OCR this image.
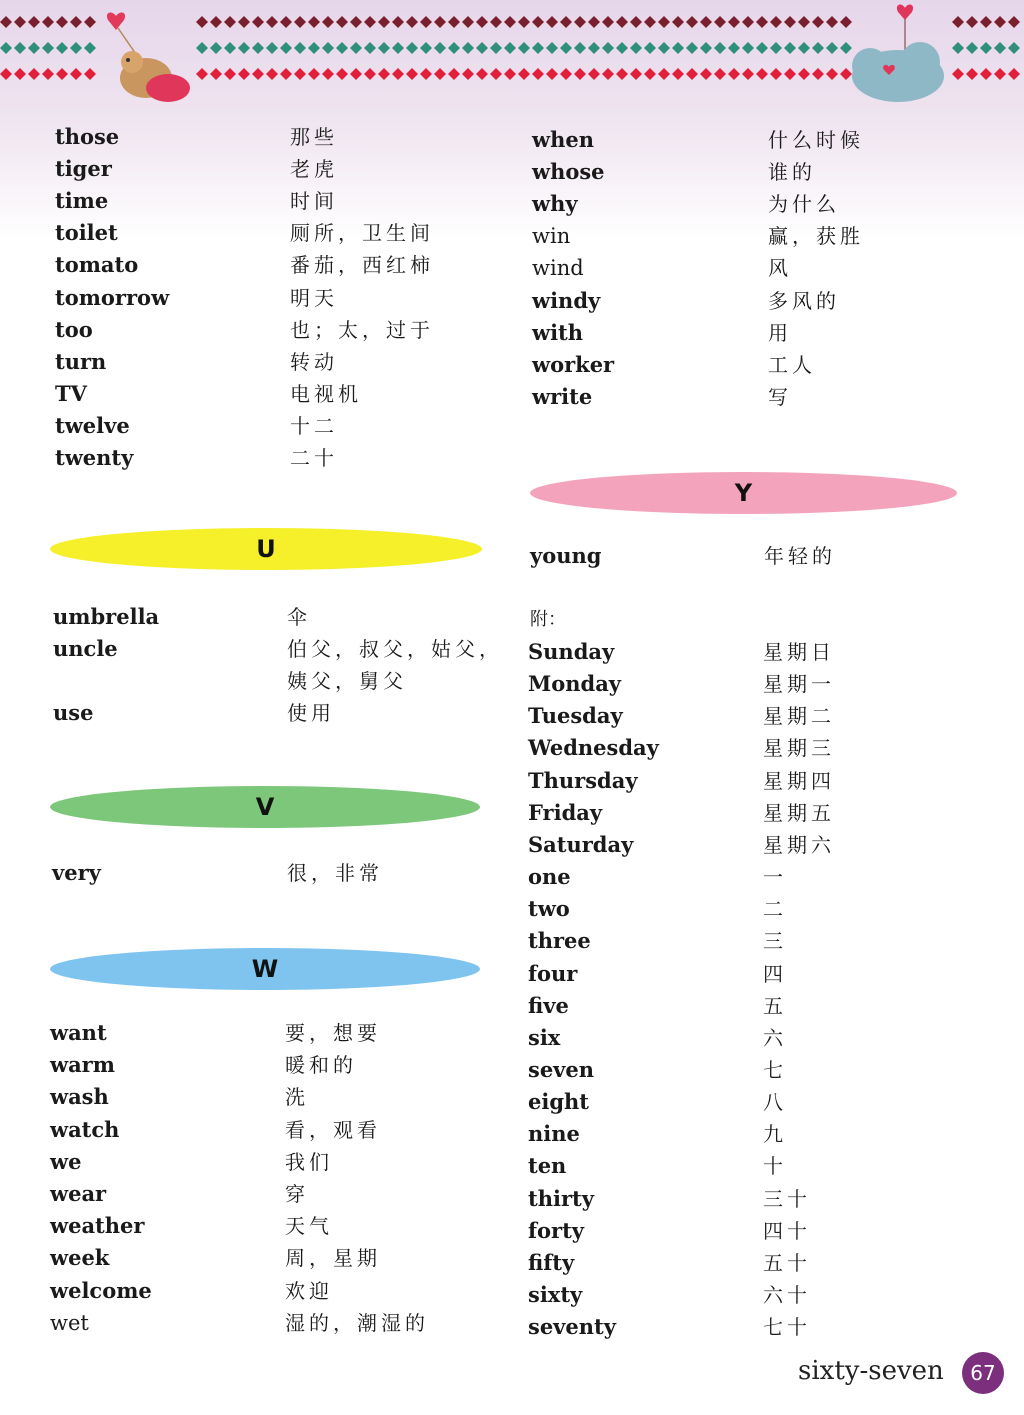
those	那些
tiger	老虎
time	时间
toilet	厕所，卫生间
tomato	番茄，西红柿
tomorrow	明天
too	也；太，过于
turn	转动
TV	电视机
twelve	十二
twenty	二十
umbrella	伞
uncle	伯父，叔父，姑父，
姨父，舅父
use	使用
very	很，非常
want	要，想要
warm	暖和的
wash	洗
watch	看，观看
we	我们
wear	穿
weather	天气
week	周，星期
welcome	欢迎
wet	湿的，潮湿的
U
V
W
Y
when	什么时候
whose	谁的
why	为什么
win	赢，获胜
wind	风
windy	多风的
with	用
worker	工人
write	写
young	年轻的
附：
Sunday	星期日
Monday	星期一
Tuesday	星期二
Wednesday	星期三
Thursday	星期四
Friday	星期五
Saturday	星期六
one	一
two	二
three	三
four	四
five	五
six	六
seven	七
eight	八
nine	九
ten	十
thirty	三十
forty	四十
fifty	五十
sixty	六十
seventy	七十
sixty-seven	67
